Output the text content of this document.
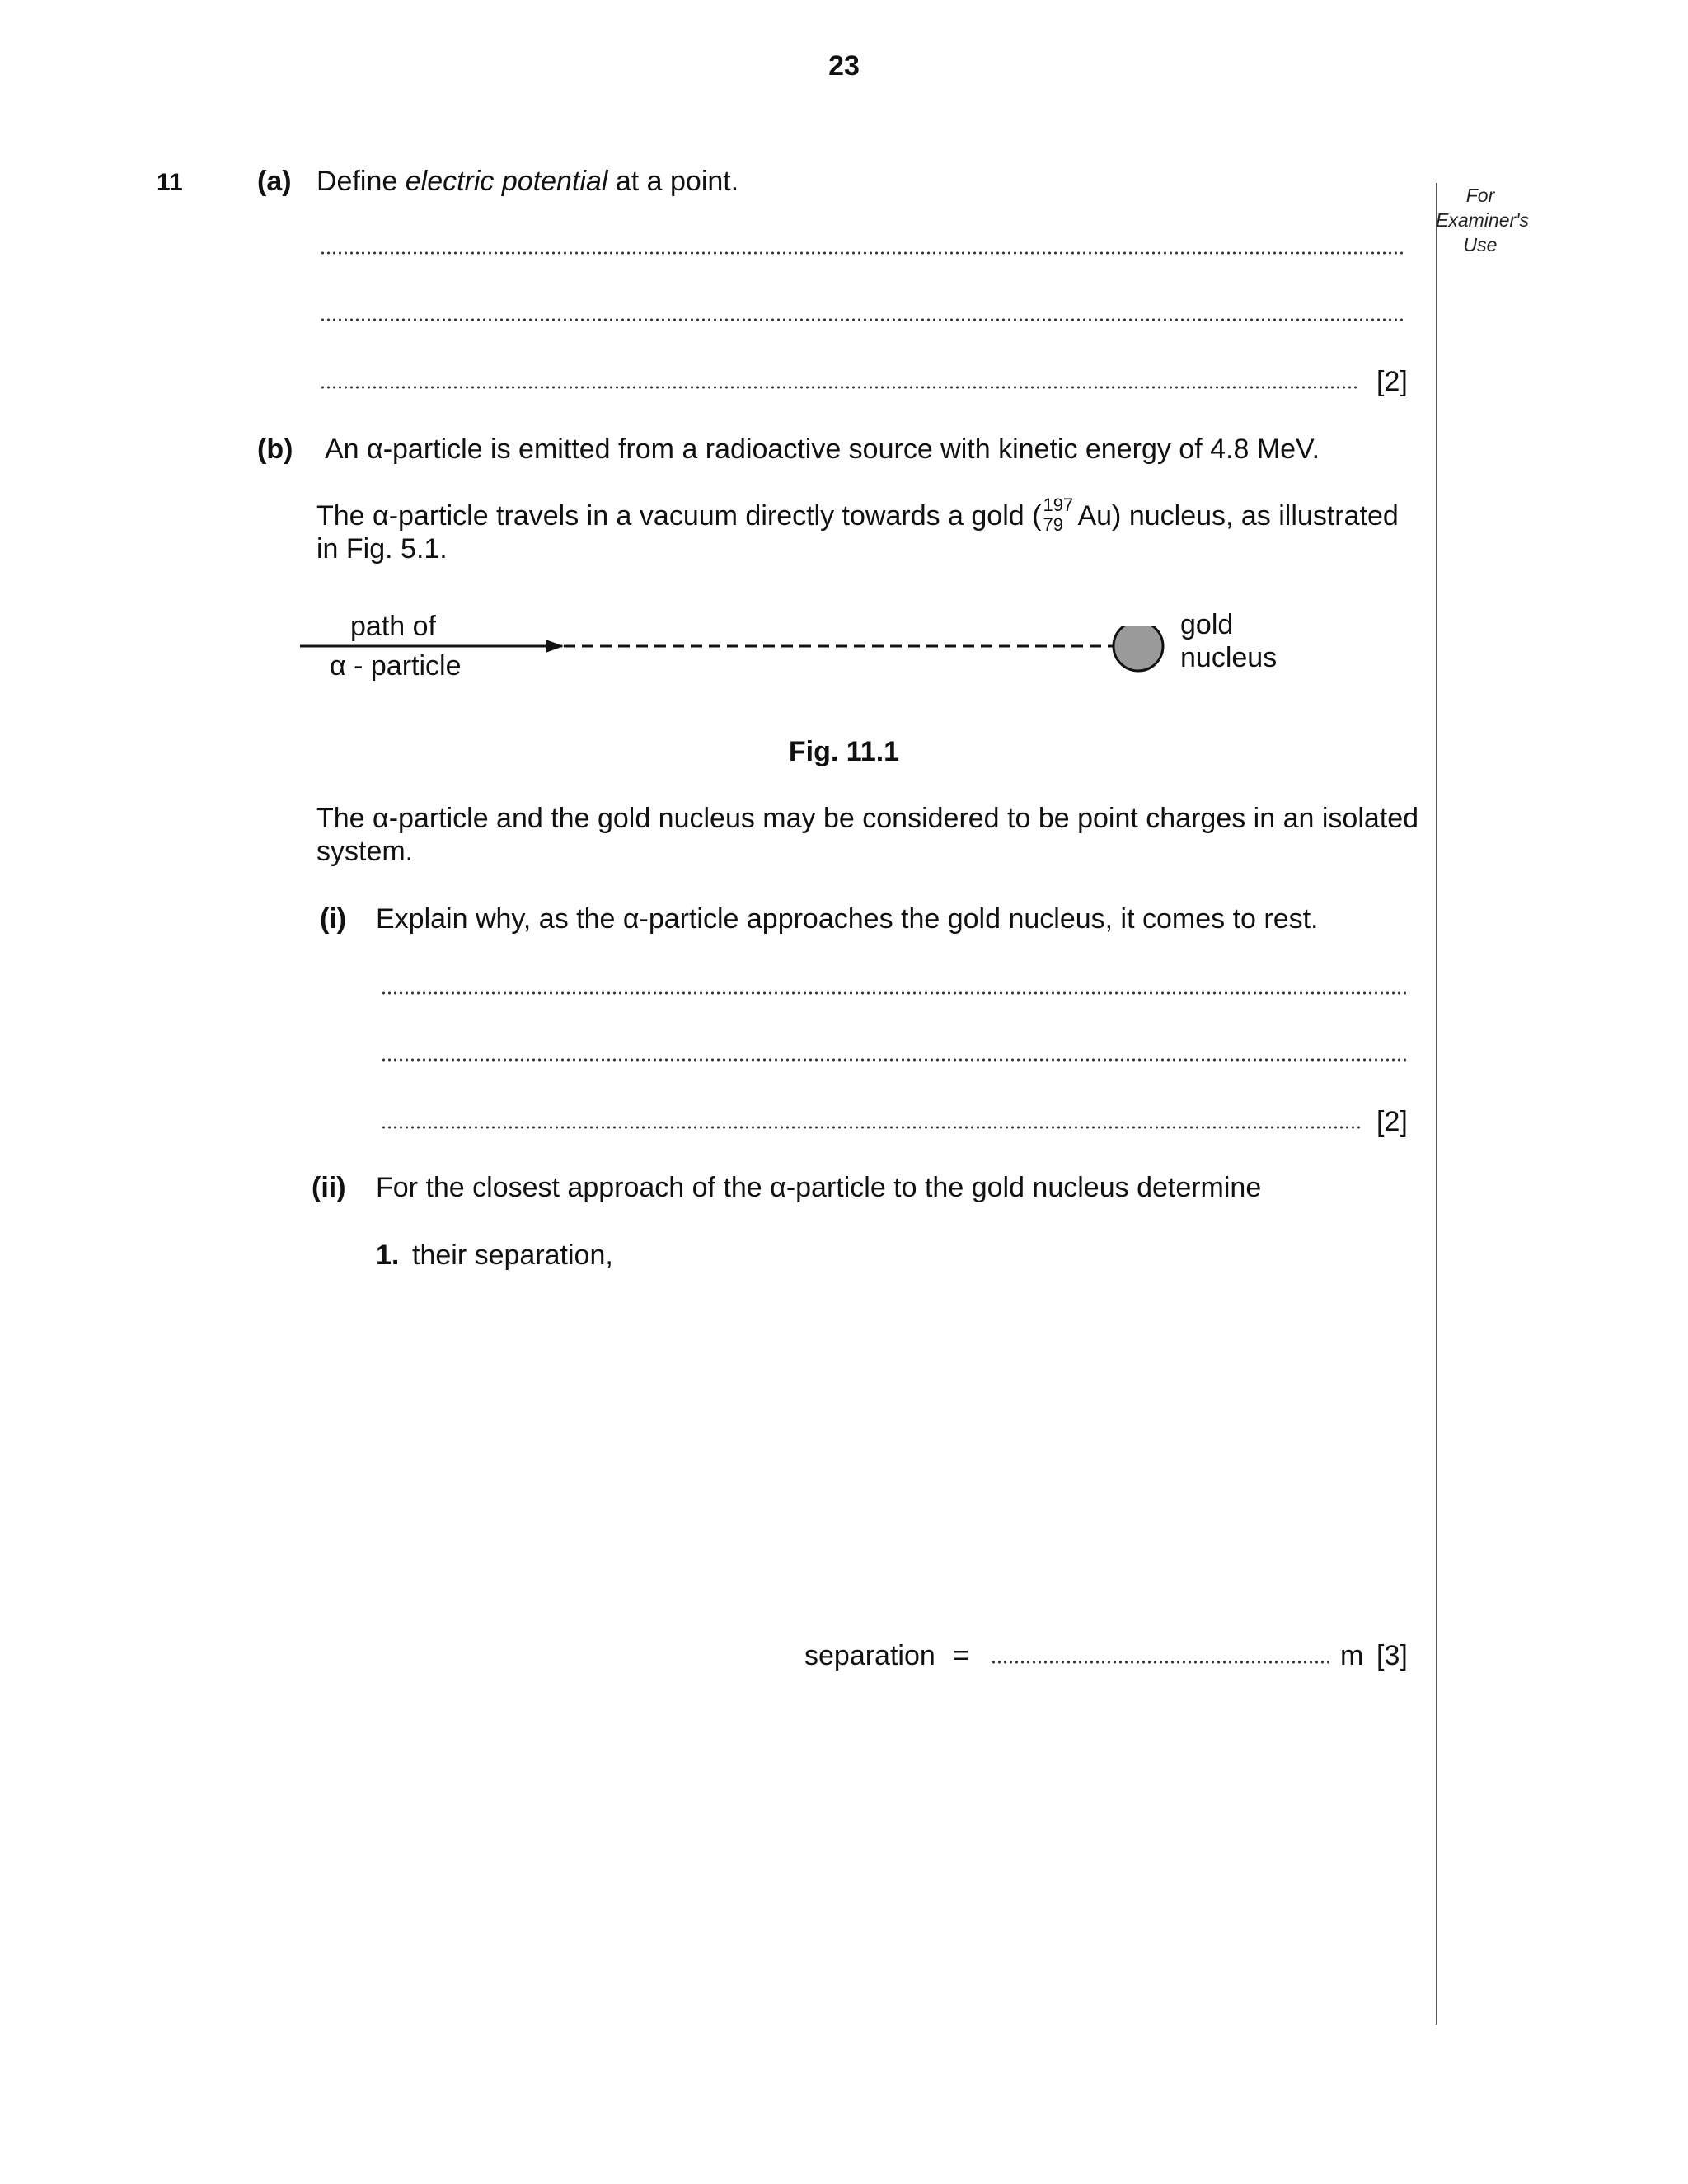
23
For
Examiner's
Use
11	(a) Define electric potential at a point.
[2]
(b) An α-particle is emitted from a radioactive source with kinetic energy of 4.8 MeV.
The α-particle travels in a vacuum directly towards a gold ( 197
79 Au) nucleus, as illustrated
in Fig. 5.1.
path of
α - particle
gold
nucleus
Fig. 11.1
The α-particle and the gold nucleus may be considered to be point charges in an isolated
system.
(i) Explain why, as the α-particle approaches the gold nucleus, it comes to rest.
[2]
(ii) For the closest approach of the α-particle to the gold nucleus determine
1. their separation,
separation =	m [3]
